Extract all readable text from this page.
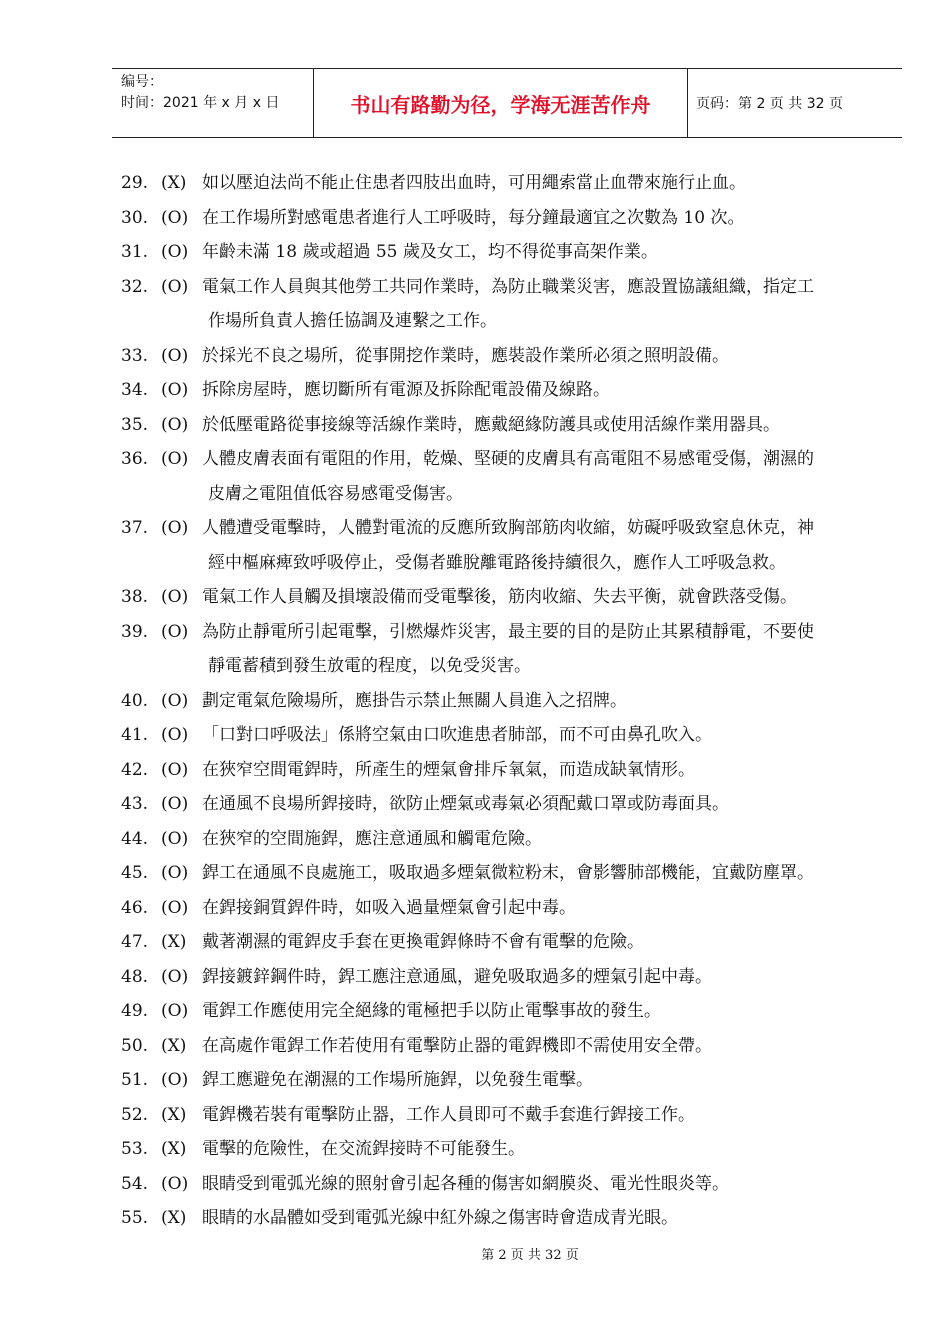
编号：
时间：2021 年 x 月 x 日	书山有路勤为径，学海无涯苦作舟	页码：第 2 页 共 32 页
29. (X) 如以壓迫法尚不能止住患者四肢出血時，可用繩索當止血帶來施行止血。
30. (O) 在工作場所對感電患者進行人工呼吸時，每分鐘最適宜之次數為 10 次。
31. (O) 年齡未滿 18 歲或超過 55 歲及女工，均不得從事高架作業。
32. (O) 電氣工作人員與其他勞工共同作業時，為防止職業災害，應設置協議組織，指定工
作場所負責人擔任協調及連繫之工作。
33. (O) 於採光不良之場所，從事開挖作業時，應裝設作業所必須之照明設備。
34. (O) 拆除房屋時，應切斷所有電源及拆除配電設備及線路。
35. (O) 於低壓電路從事接線等活線作業時，應戴絕緣防護具或使用活線作業用器具。
36. (O) 人體皮膚表面有電阻的作用，乾燥、堅硬的皮膚具有高電阻不易感電受傷，潮濕的
皮膚之電阻值低容易感電受傷害。
37. (O) 人體遭受電擊時，人體對電流的反應所致胸部筋肉收縮，妨礙呼吸致窒息休克，神
經中樞麻痺致呼吸停止，受傷者雖脫離電路後持續很久，應作人工呼吸急救。
38. (O) 電氣工作人員觸及損壞設備而受電擊後，筋肉收縮、失去平衡，就會跌落受傷。
39. (O) 為防止靜電所引起電擊，引燃爆炸災害，最主要的目的是防止其累積靜電，不要使
靜電蓄積到發生放電的程度，以免受災害。
40. (O) 劃定電氣危險場所，應掛告示禁止無關人員進入之招牌。
41. (O) 「口對口呼吸法」係將空氣由口吹進患者肺部，而不可由鼻孔吹入。
42. (O) 在狹窄空間電銲時，所產生的煙氣會排斥氧氣，而造成缺氧情形。
43. (O) 在通風不良場所銲接時，欲防止煙氣或毒氣必須配戴口罩或防毒面具。
44. (O) 在狹窄的空間施銲，應注意通風和觸電危險。
45. (O) 銲工在通風不良處施工，吸取過多煙氣微粒粉末，會影響肺部機能，宜戴防塵罩。
46. (O) 在銲接銅質銲件時，如吸入過量煙氣會引起中毒。
47. (X) 戴著潮濕的電銲皮手套在更換電銲條時不會有電擊的危險。
48. (O) 銲接鍍鋅鋼件時，銲工應注意通風，避免吸取過多的煙氣引起中毒。
49. (O) 電銲工作應使用完全絕緣的電極把手以防止電擊事故的發生。
50. (X) 在高處作電銲工作若使用有電擊防止器的電銲機即不需使用安全帶。
51. (O) 銲工應避免在潮濕的工作場所施銲，以免發生電擊。
52. (X) 電銲機若裝有電擊防止器，工作人員即可不戴手套進行銲接工作。
53. (X) 電擊的危險性，在交流銲接時不可能發生。
54. (O) 眼睛受到電弧光線的照射會引起各種的傷害如網膜炎、電光性眼炎等。
55. (X) 眼睛的水晶體如受到電弧光線中紅外線之傷害時會造成青光眼。
第 2 页 共 32 页
